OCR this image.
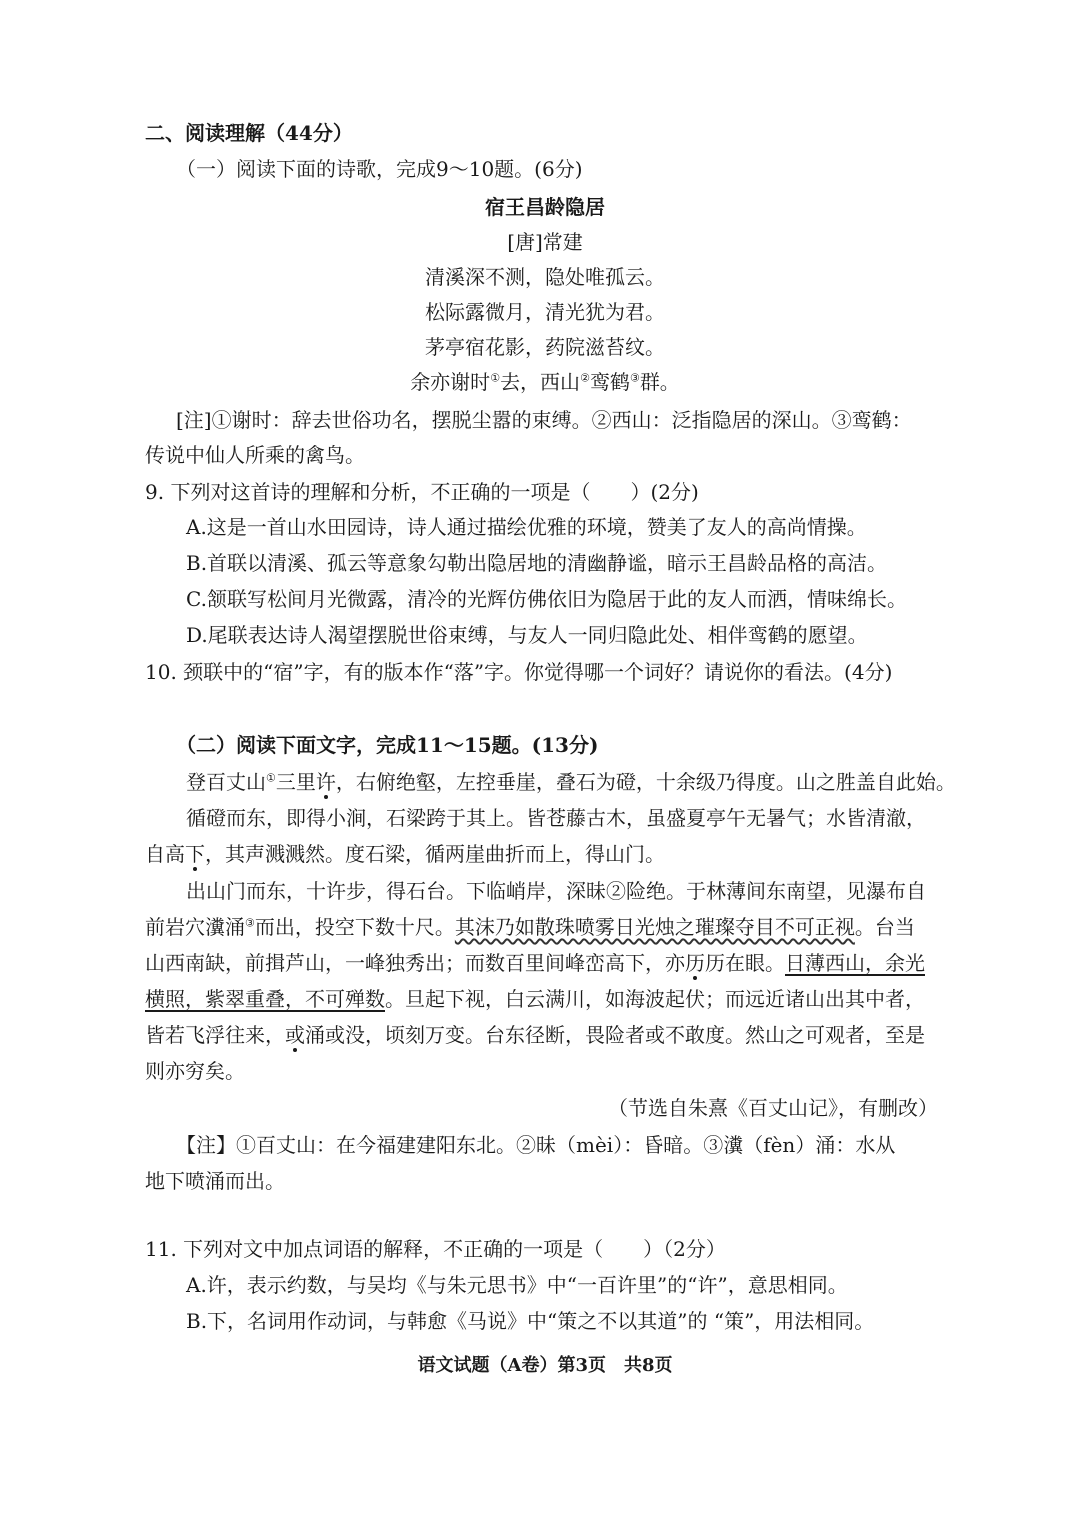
二、阅读理解（44分）
（一）阅读下面的诗歌，完成9～10题。(6分)
宿王昌龄隐居
[唐]常建
清溪深不测，隐处唯孤云。
松际露微月，清光犹为君。
茅亭宿花影，药院滋苔纹。
余亦谢时①去，西山②鸾鹤③群。
[注]①谢时：辞去世俗功名，摆脱尘嚣的束缚。②西山：泛指隐居的深山。③鸾鹤：
传说中仙人所乘的禽鸟。
9. 下列对这首诗的理解和分析，不正确的一项是（　　）(2分)
A.这是一首山水田园诗，诗人通过描绘优雅的环境，赞美了友人的高尚情操。
B.首联以清溪、孤云等意象勾勒出隐居地的清幽静谧，暗示王昌龄品格的高洁。
C.颔联写松间月光微露，清冷的光辉仿佛依旧为隐居于此的友人而洒，情味绵长。
D.尾联表达诗人渴望摆脱世俗束缚，与友人一同归隐此处、相伴鸾鹤的愿望。
10. 颈联中的“宿”字，有的版本作“落”字。你觉得哪一个词好？请说你的看法。(4分)
（二）阅读下面文字，完成11～15题。(13分)
登百丈山①三里许，右俯绝壑，左控垂崖，叠石为磴，十余级乃得度。山之胜盖自此始。
循磴而东，即得小涧，石梁跨于其上。皆苍藤古木，虽盛夏亭午无暑气；水皆清澈，
自高下，其声溅溅然。度石梁，循两崖曲折而上，得山门。
出山门而东，十许步，得石台。下临峭岸，深昧②险绝。于林薄间东南望，见瀑布自
前岩穴瀵涌③而出，投空下数十尺。其沫乃如散珠喷雾日光烛之璀璨夺目不可正视。台当
山西南缺，前揖芦山，一峰独秀出；而数百里间峰峦高下，亦历历在眼。日薄西山，余光
横照，紫翠重叠，不可殚数。旦起下视，白云满川，如海波起伏；而远近诸山出其中者，
皆若飞浮往来，或涌或没，顷刻万变。台东径断，畏险者或不敢度。然山之可观者，至是
则亦穷矣。
（节选自朱熹《百丈山记》，有删改）
【注】①百丈山：在今福建建阳东北。②昧（mèi）：昏暗。③瀵（fèn）涌：水从
地下喷涌而出。
11. 下列对文中加点词语的解释，不正确的一项是（　　）（2分）
A.许，表示约数，与吴均《与朱元思书》中“一百许里”的“许”，意思相同。
B.下，名词用作动词，与韩愈《马说》中“策之不以其道”的 “策”，用法相同。
语文试题（A卷）第3页　共8页
